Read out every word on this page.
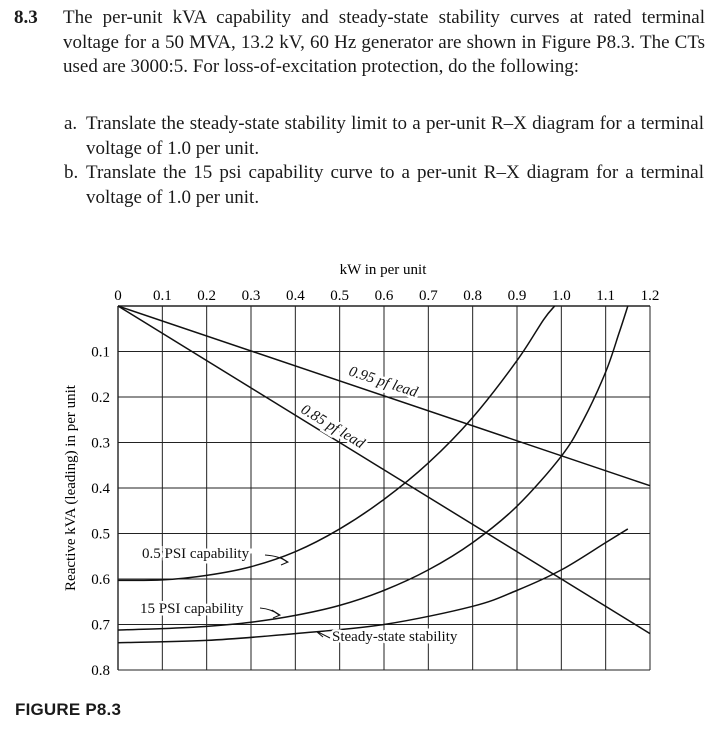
8.3 The per-unit kVA capability and steady-state stability curves at rated terminal voltage for a 50 MVA, 13.2 kV, 60 Hz generator are shown in Figure P8.3. The CTs used are 3000:5. For loss-of-excitation protection, do the following:
a. Translate the steady-state stability limit to a per-unit R–X diagram for a terminal voltage of 1.0 per unit.
b. Translate the 15 psi capability curve to a per-unit R–X diagram for a terminal voltage of 1.0 per unit.
0 0.1 0.2 0.3 0.4 0.5 0.6 0.7 0.8 0.9 1.0 1.1 1.2
0.1
0.2
0.3
0.4
0.5
0.6
0.7
0.8
kW in per unit
Reactive kVA (leading) in per unit
0.95 pf lead
0.85 pf lead
0.5 PSI capability
15 PSI capability
Steady-state stability
FIGURE P8.3
